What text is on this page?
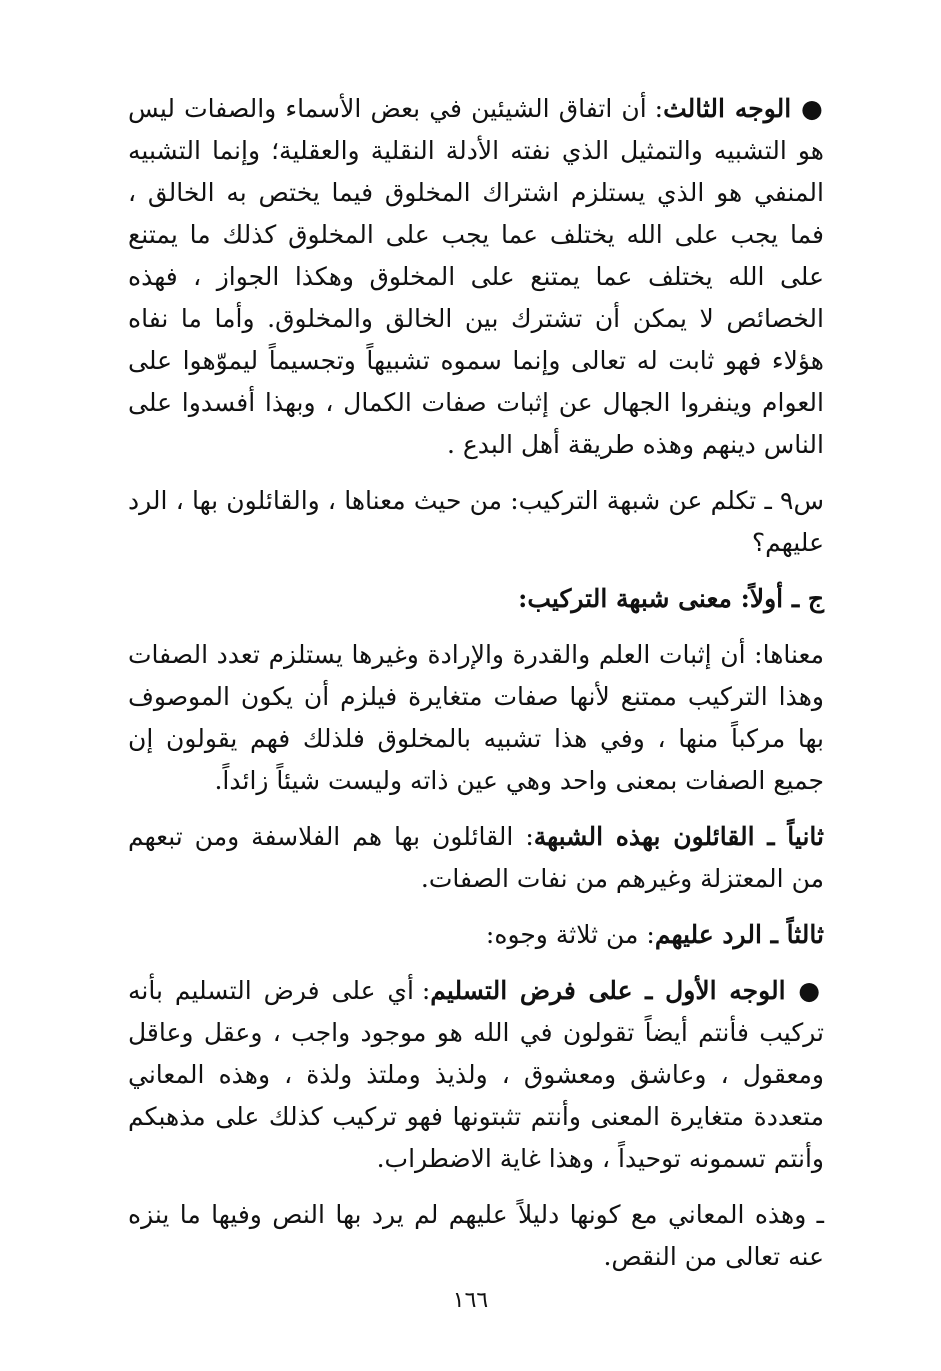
● الوجه الثالث: أن اتفاق الشيئين في بعض الأسماء والصفات ليس هو التشبيه والتمثيل الذي نفته الأدلة النقلية والعقلية؛ وإنما التشبيه المنفي هو الذي يستلزم اشتراك المخلوق فيما يختص به الخالق ، فما يجب على الله يختلف عما يجب على المخلوق كذلك ما يمتنع على الله يختلف عما يمتنع على المخلوق وهكذا الجواز ، فهذه الخصائص لا يمكن أن تشترك بين الخالق والمخلوق. وأما ما نفاه هؤلاء فهو ثابت له تعالى وإنما سموه تشبيهاً وتجسيماً ليموّهوا على العوام وينفروا الجهال عن إثبات صفات الكمال ، وبهذا أفسدوا على الناس دينهم وهذه طريقة أهل البدع .

س٩ ـ تكلم عن شبهة التركيب: من حيث معناها ، والقائلون بها ، الرد عليهم؟

ج ـ أولاً: معنى شبهة التركيب:

معناها: أن إثبات العلم والقدرة والإرادة وغيرها يستلزم تعدد الصفات وهذا التركيب ممتنع لأنها صفات متغايرة فيلزم أن يكون الموصوف بها مركباً منها ، وفي هذا تشبيه بالمخلوق فلذلك فهم يقولون إن جميع الصفات بمعنى واحد وهي عين ذاته وليست شيئاً زائداً.

ثانياً ـ القائلون بهذه الشبهة: القائلون بها هم الفلاسفة ومن تبعهم من المعتزلة وغيرهم من نفات الصفات.

ثالثاً ـ الرد عليهم: من ثلاثة وجوه:

● الوجه الأول ـ على فرض التسليم: أي على فرض التسليم بأنه تركيب فأنتم أيضاً تقولون في الله هو موجود واجب ، وعقل وعاقل ومعقول ، وعاشق ومعشوق ، ولذيذ وملتذ ولذة ، وهذه المعاني متعددة متغايرة المعنى وأنتم تثبتونها فهو تركيب كذلك على مذهبكم وأنتم تسمونه توحيداً ، وهذا غاية الاضطراب.

ـ وهذه المعاني مع كونها دليلاً عليهم لم يرد بها النص وفيها ما ينزه عنه تعالى من النقص.

١٦٦
